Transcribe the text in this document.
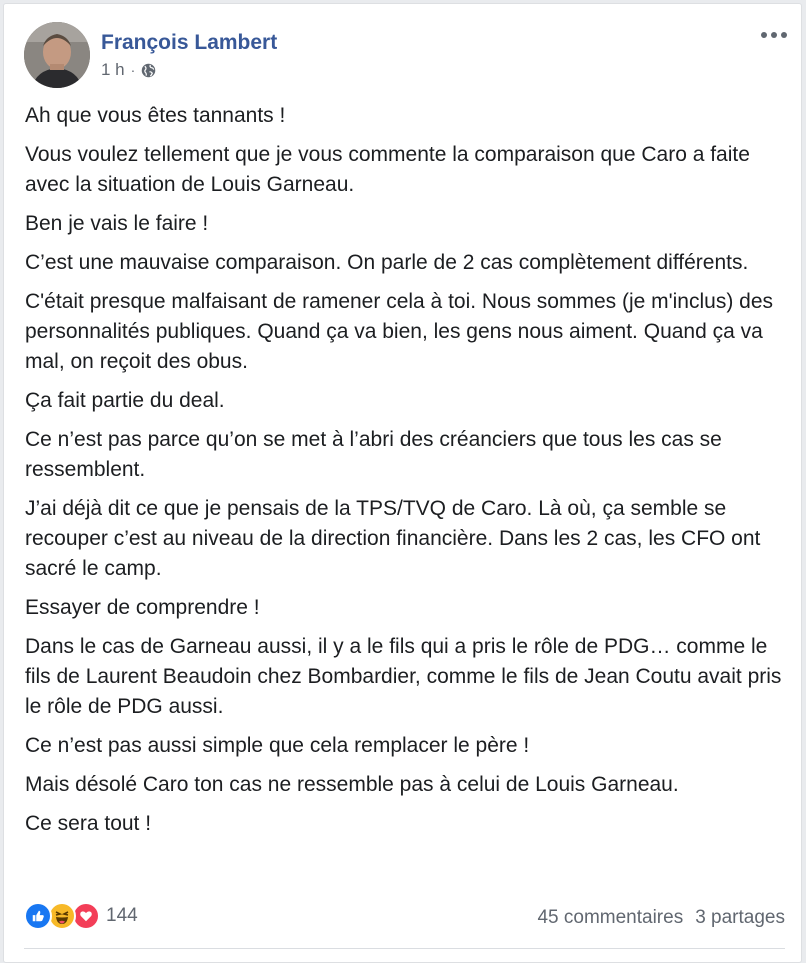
François Lambert
1 h ·

Ah que vous êtes tannants !

Vous voulez tellement que je vous commente la comparaison que Caro a faite avec la situation de Louis Garneau.

Ben je vais le faire !

C’est une mauvaise comparaison. On parle de 2 cas complètement différents.

C'était presque malfaisant de ramener cela à toi. Nous sommes (je m'inclus) des personnalités publiques. Quand ça va bien, les gens nous aiment. Quand ça va mal, on reçoit des obus.

Ça fait partie du deal.

Ce n’est pas parce qu’on se met à l’abri des créanciers que tous les cas se ressemblent.

J’ai déjà dit ce que je pensais de la TPS/TVQ de Caro. Là où, ça semble se recouper c’est au niveau de la direction financière. Dans les 2 cas, les CFO ont sacré le camp.

Essayer de comprendre !

Dans le cas de Garneau aussi, il y a le fils qui a pris le rôle de PDG… comme le fils de Laurent Beaudoin chez Bombardier, comme le fils de Jean Coutu avait pris le rôle de PDG aussi.

Ce n’est pas aussi simple que cela remplacer le père !

Mais désolé Caro ton cas ne ressemble pas à celui de Louis Garneau.

Ce sera tout !

144	45 commentaires 3 partages
